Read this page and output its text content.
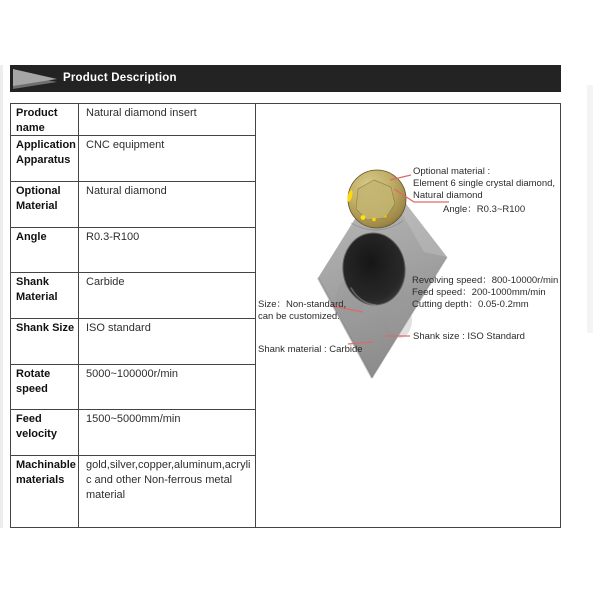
Product Description
Product name
Natural diamond insert
Application Apparatus
CNC equipment
Optional Material
Natural diamond
Angle	R0.3-R100
Shank Material
Carbide
Shank Size	ISO standard
Rotate speed
5000~100000r/min
Feed velocity
1500~5000mm/min
Machinable materials
gold,silver,copper,aluminum,acrylic and other Non-ferrous metal material
Optional material :
Element 6 single crystal diamond,
Natural diamond
Angle：R0.3~R100
Revolving speed：800-10000r/min
Feed speed：200-1000mm/min
Cutting depth：0.05-0.2mm
Shank size : ISO Standard
Size：Non-standard,
can be customized.
Shank material : Carbide
